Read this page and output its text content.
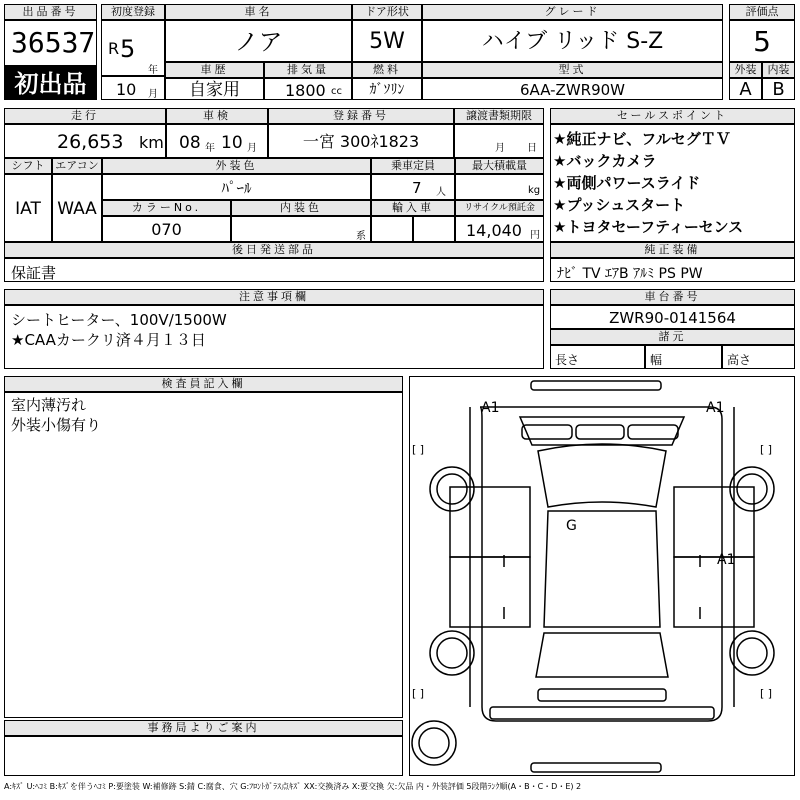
出品番号
36537
初出品
初度登録
R 5
年
10 月
車名
ノア
ドア形状
5W
グレード
ハイブ リッド S-Z
評価点
5
外装	内装
A	B
車歴
自家用
排気量
1800 cc
燃料
ｶﾞｿﾘﾝ
型式
6AA-ZWR90W
走行
26,653 km
車検
08 年 10 月
登録番号
一宮 300ﾈ1823
譲渡書類期限
月 日
セールスポイント
★純正ナビ、フルセグＴＶ
★バックカメラ
★両側パワースライド
★プッシュスタート
★トヨタセーフティーセンス
シフト
IAT
エアコン
WAA
外装色
ﾊﾟｰﾙ
乗車定員
7 人
最大積載量
kg
カラーNo.
070
内装色
系
輸入車	リサイクル預託金
14,040 円
後日発送部品
保証書
純正装備
ﾅﾋﾞ TV ｴｱB ｱﾙﾐ PS PW
注意事項欄
シートヒーター、100V/1500W
★CAAカークリ済４月１３日
車台番号
ZWR90-0141564
諸元
長さ	幅	高さ
検査員記入欄
室内薄汚れ
外装小傷有り
事務局よりご案内
[ ]	[ ]
[ ]	[ ]
A1	A1
G
A1
A:ｷｽﾞ U:ﾍｺﾐ B:ｷｽﾞを伴うﾍｺﾐ P:要塗装 W:補修跡 S:錆 C:腐食、穴 G:ﾌﾛﾝﾄｶﾞﾗｽ点ｷｽﾞ XX:交換済み X:要交換 欠:欠品 内・外装評価 5段階ﾗﾝｸ順(A・B・C・D・E) 2
